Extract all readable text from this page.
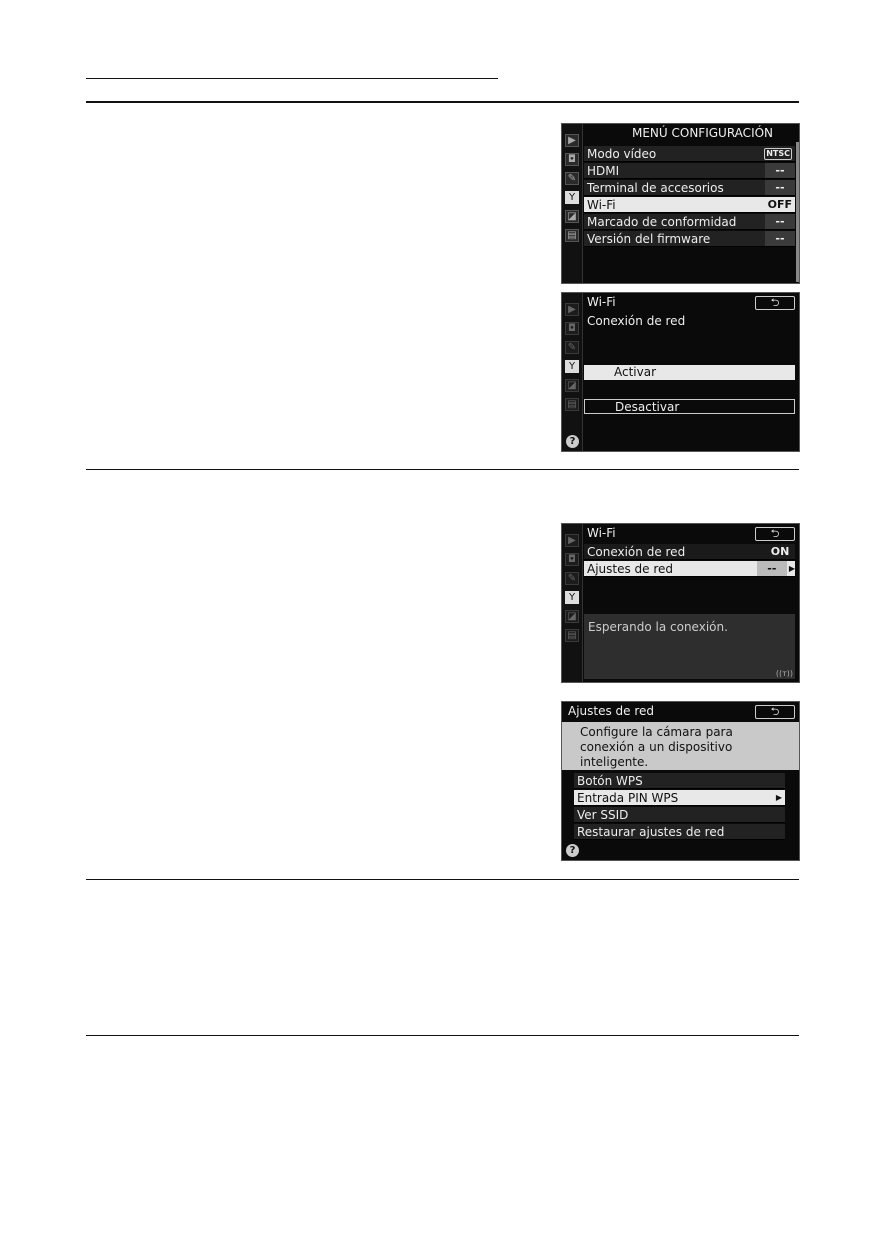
▶
◘
✎
Y
◪
▤
MENÚ CONFIGURACIÓN
Modo vídeo	NTSC
HDMI	--
Terminal de accesorios	--
Wi-Fi	OFF
Marcado de conformidad	--
Versión del firmware	--
▶
◘
✎
Y
◪
▤
Wi-Fi	⮌
Conexión de red
Activar
Desactivar
?
▶
◘
✎
Y
◪
▤
Wi-Fi	⮌
Conexión de red	ON
Ajustes de red	--	▶
Esperando la conexión.
((ᴛ))
Ajustes de red	⮌
Configure la cámara para conexión a un dispositivo inteligente.
Botón WPS
Entrada PIN WPS	▶
Ver SSID
Restaurar ajustes de red
?
